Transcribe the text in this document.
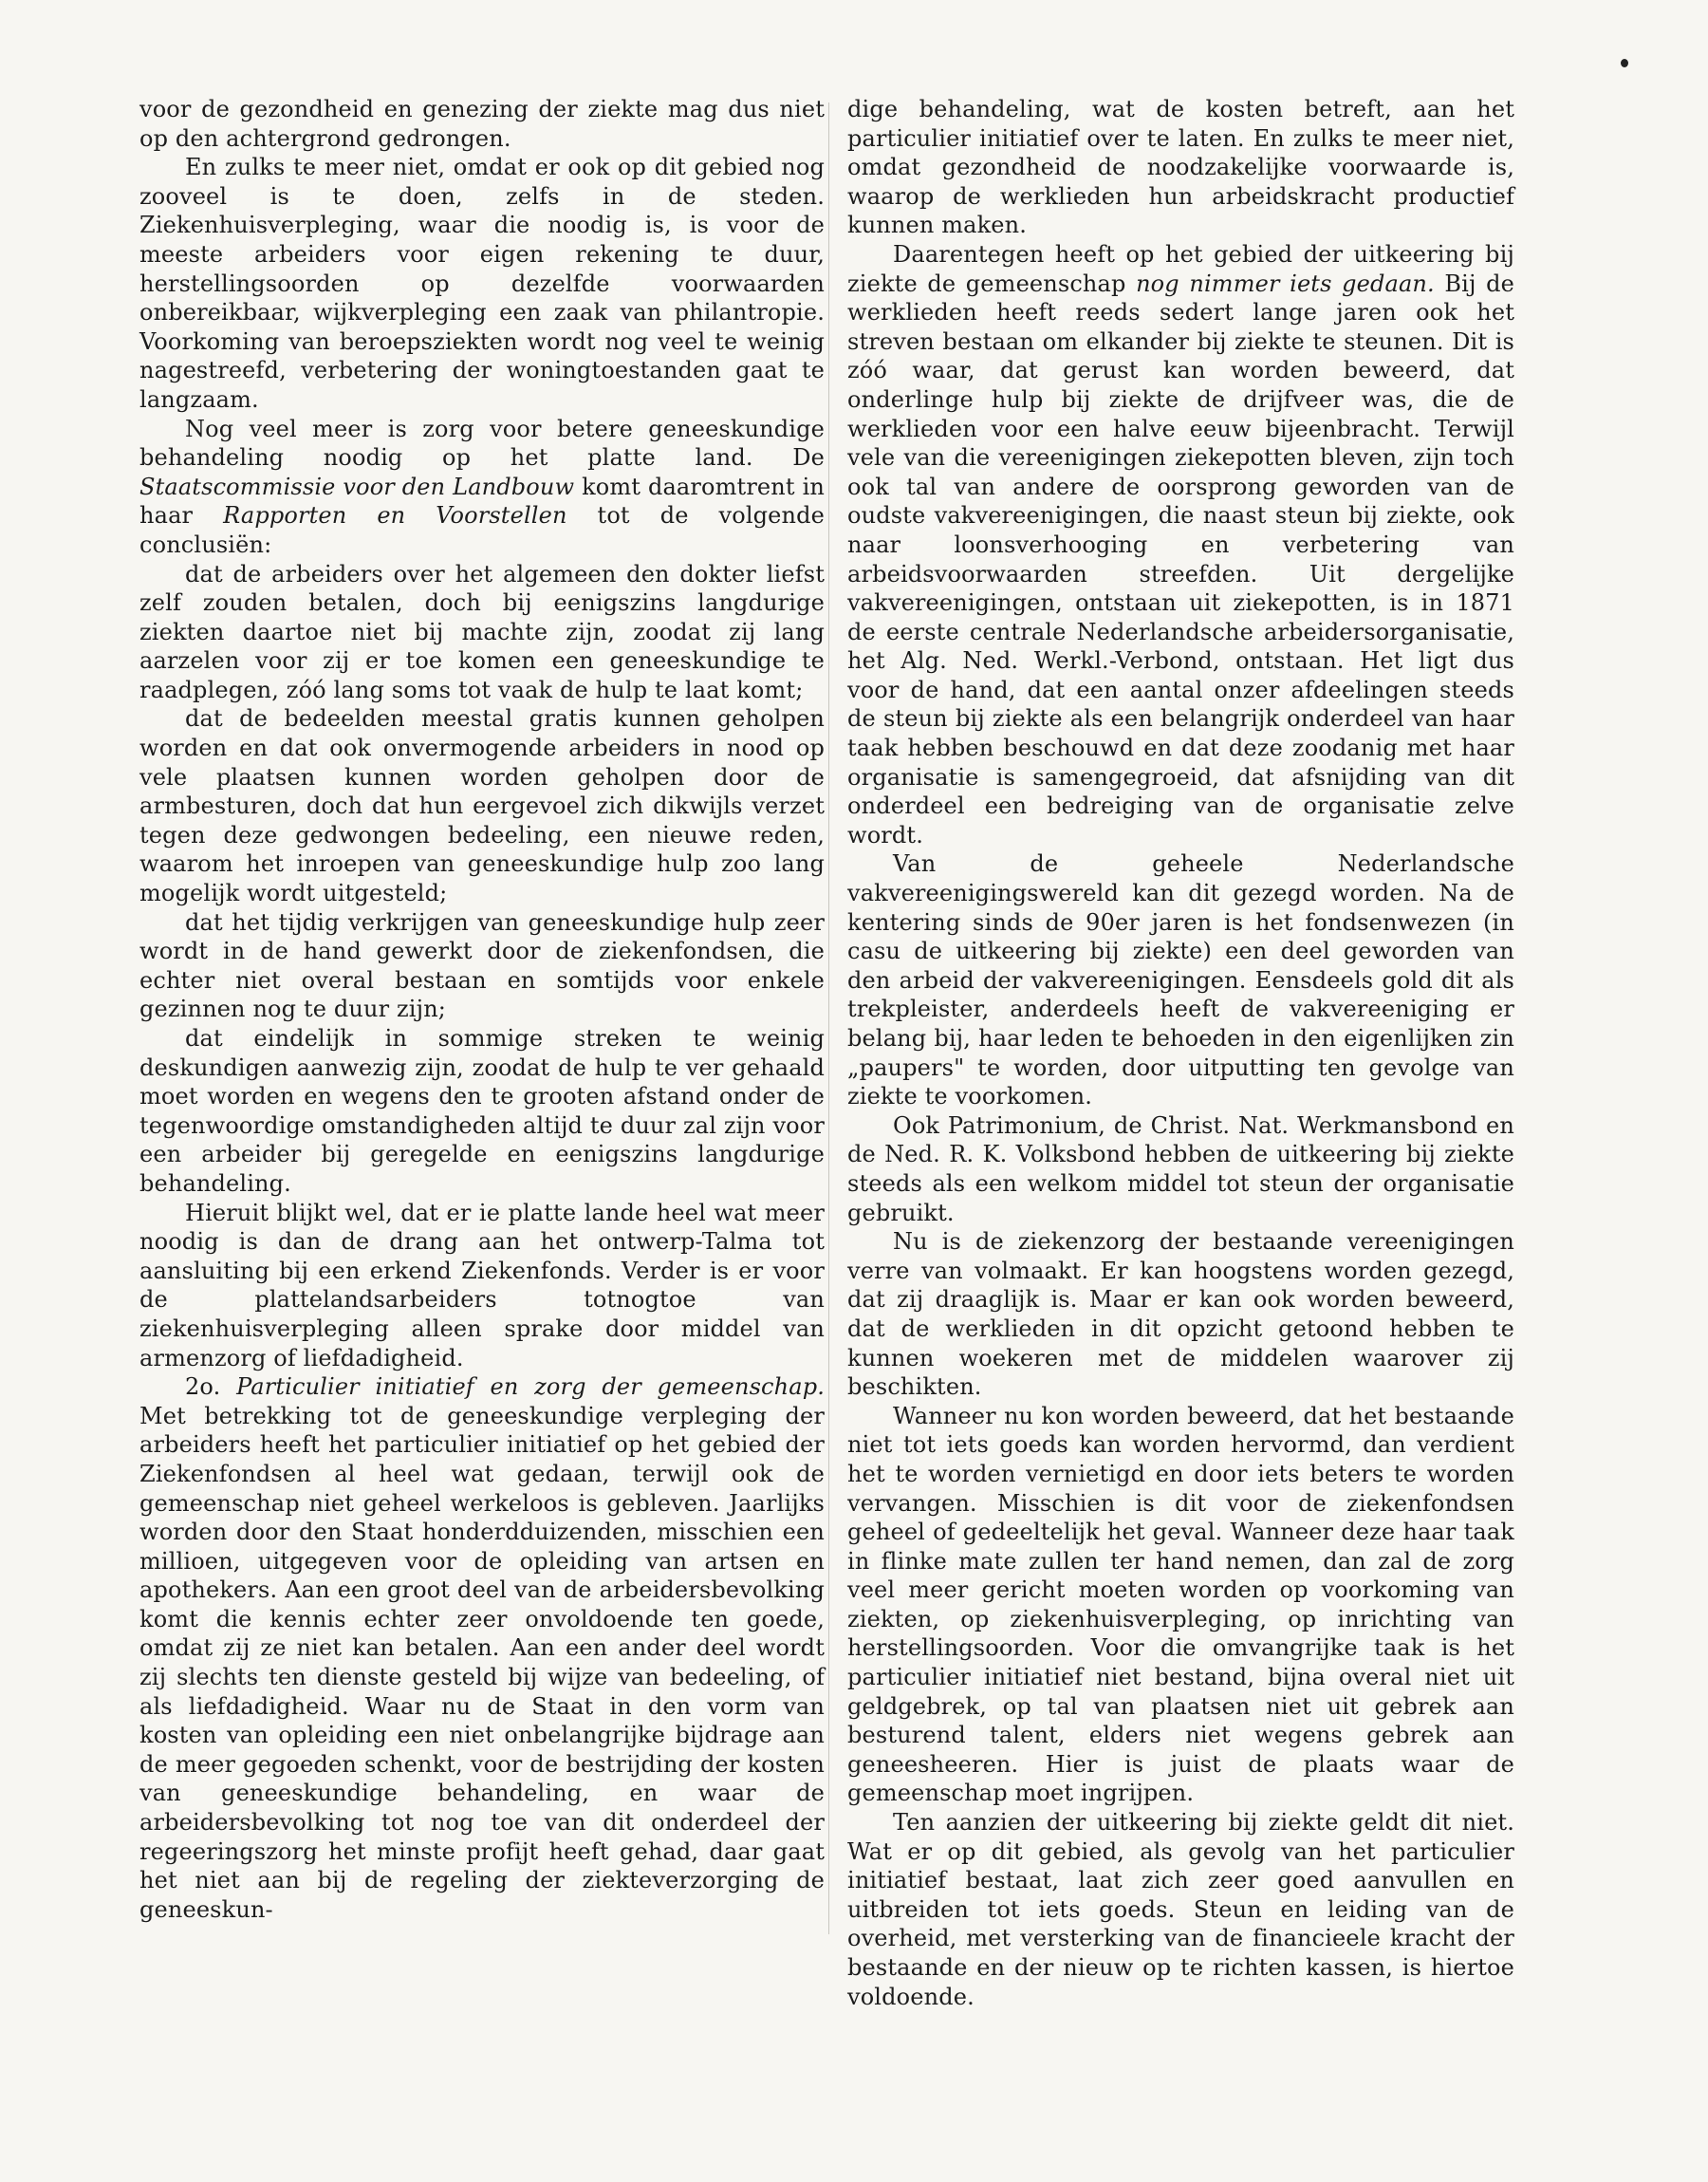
voor de gezondheid en genezing der ziekte mag dus niet op den achtergrond gedrongen.

En zulks te meer niet, omdat er ook op dit gebied nog zooveel is te doen, zelfs in de steden. Ziekenhuisverpleging, waar die noodig is, is voor de meeste arbeiders voor eigen rekening te duur, herstellingsoorden op dezelfde voorwaarden onbereikbaar, wijkverpleging een zaak van philantropie. Voorkoming van beroepsziekten wordt nog veel te weinig nagestreefd, verbetering der woningtoestanden gaat te langzaam.

Nog veel meer is zorg voor betere geneeskundige behandeling noodig op het platte land. De Staatscommissie voor den Landbouw komt daaromtrent in haar Rapporten en Voorstellen tot de volgende conclusiën:

dat de arbeiders over het algemeen den dokter liefst zelf zouden betalen, doch bij eenigszins langdurige ziekten daartoe niet bij machte zijn, zoodat zij lang aarzelen voor zij er toe komen een geneeskundige te raadplegen, zóó lang soms tot vaak de hulp te laat komt;

dat de bedeelden meestal gratis kunnen geholpen worden en dat ook onvermogende arbeiders in nood op vele plaatsen kunnen worden geholpen door de armbesturen, doch dat hun eergevoel zich dikwijls verzet tegen deze gedwongen bedeeling, een nieuwe reden, waarom het inroepen van geneeskundige hulp zoo lang mogelijk wordt uitgesteld;

dat het tijdig verkrijgen van geneeskundige hulp zeer wordt in de hand gewerkt door de ziekenfondsen, die echter niet overal bestaan en somtijds voor enkele gezinnen nog te duur zijn;

dat eindelijk in sommige streken te weinig deskundigen aanwezig zijn, zoodat de hulp te ver gehaald moet worden en wegens den te grooten afstand onder de tegenwoordige omstandigheden altijd te duur zal zijn voor een arbeider bij geregelde en eenigszins langdurige behandeling.

Hieruit blijkt wel, dat er ie platte lande heel wat meer noodig is dan de drang aan het ontwerp-Talma tot aansluiting bij een erkend Ziekenfonds. Verder is er voor de plattelandsarbeiders totnogtoe van ziekenhuisverpleging alleen sprake door middel van armenzorg of liefdadigheid.

2o. Particulier initiatief en zorg der gemeenschap. Met betrekking tot de geneeskundige verpleging der arbeiders heeft het particulier initiatief op het gebied der Ziekenfondsen al heel wat gedaan, terwijl ook de gemeenschap niet geheel werkeloos is gebleven. Jaarlijks worden door den Staat honderdduizenden, misschien een millioen, uitgegeven voor de opleiding van artsen en apothekers. Aan een groot deel van de arbeidersbevolking komt die kennis echter zeer onvoldoende ten goede, omdat zij ze niet kan betalen. Aan een ander deel wordt zij slechts ten dienste gesteld bij wijze van bedeeling, of als liefdadigheid. Waar nu de Staat in den vorm van kosten van opleiding een niet onbelangrijke bijdrage aan de meer gegoeden schenkt, voor de bestrijding der kosten van geneeskundige behandeling, en waar de arbeidersbevolking tot nog toe van dit onderdeel der regeeringszorg het minste profijt heeft gehad, daar gaat het niet aan bij de regeling der ziekteverzorging de geneeskun-

dige behandeling, wat de kosten betreft, aan het particulier initiatief over te laten. En zulks te meer niet, omdat gezondheid de noodzakelijke voorwaarde is, waarop de werklieden hun arbeidskracht productief kunnen maken.

Daarentegen heeft op het gebied der uitkeering bij ziekte de gemeenschap nog nimmer iets gedaan. Bij de werklieden heeft reeds sedert lange jaren ook het streven bestaan om elkander bij ziekte te steunen. Dit is zóó waar, dat gerust kan worden beweerd, dat onderlinge hulp bij ziekte de drijfveer was, die de werklieden voor een halve eeuw bijeenbracht. Terwijl vele van die vereenigingen ziekepotten bleven, zijn toch ook tal van andere de oorsprong geworden van de oudste vakvereenigingen, die naast steun bij ziekte, ook naar loonsverhooging en verbetering van arbeidsvoorwaarden streefden. Uit dergelijke vakvereenigingen, ontstaan uit ziekepotten, is in 1871 de eerste centrale Nederlandsche arbeidersorganisatie, het Alg. Ned. Werkl.-Verbond, ontstaan. Het ligt dus voor de hand, dat een aantal onzer afdeelingen steeds de steun bij ziekte als een belangrijk onderdeel van haar taak hebben beschouwd en dat deze zoodanig met haar organisatie is samengegroeid, dat afsnijding van dit onderdeel een bedreiging van de organisatie zelve wordt.

Van de geheele Nederlandsche vakvereenigingswereld kan dit gezegd worden. Na de kentering sinds de 90er jaren is het fondsenwezen (in casu de uitkeering bij ziekte) een deel geworden van den arbeid der vakvereenigingen. Eensdeels gold dit als trekpleister, anderdeels heeft de vakvereeniging er belang bij, haar leden te behoeden in den eigenlijken zin „paupers" te worden, door uitputting ten gevolge van ziekte te voorkomen.

Ook Patrimonium, de Christ. Nat. Werkmansbond en de Ned. R. K. Volksbond hebben de uitkeering bij ziekte steeds als een welkom middel tot steun der organisatie gebruikt.

Nu is de ziekenzorg der bestaande vereenigingen verre van volmaakt. Er kan hoogstens worden gezegd, dat zij draaglijk is. Maar er kan ook worden beweerd, dat de werklieden in dit opzicht getoond hebben te kunnen woekeren met de middelen waarover zij beschikten.

Wanneer nu kon worden beweerd, dat het bestaande niet tot iets goeds kan worden hervormd, dan verdient het te worden vernietigd en door iets beters te worden vervangen. Misschien is dit voor de ziekenfondsen geheel of gedeeltelijk het geval. Wanneer deze haar taak in flinke mate zullen ter hand nemen, dan zal de zorg veel meer gericht moeten worden op voorkoming van ziekten, op ziekenhuisverpleging, op inrichting van herstellingsoorden. Voor die omvangrijke taak is het particulier initiatief niet bestand, bijna overal niet uit geldgebrek, op tal van plaatsen niet uit gebrek aan besturend talent, elders niet wegens gebrek aan geneesheeren. Hier is juist de plaats waar de gemeenschap moet ingrijpen.

Ten aanzien der uitkeering bij ziekte geldt dit niet. Wat er op dit gebied, als gevolg van het particulier initiatief bestaat, laat zich zeer goed aanvullen en uitbreiden tot iets goeds. Steun en leiding van de overheid, met versterking van de financieele kracht der bestaande en der nieuw op te richten kassen, is hiertoe voldoende.
